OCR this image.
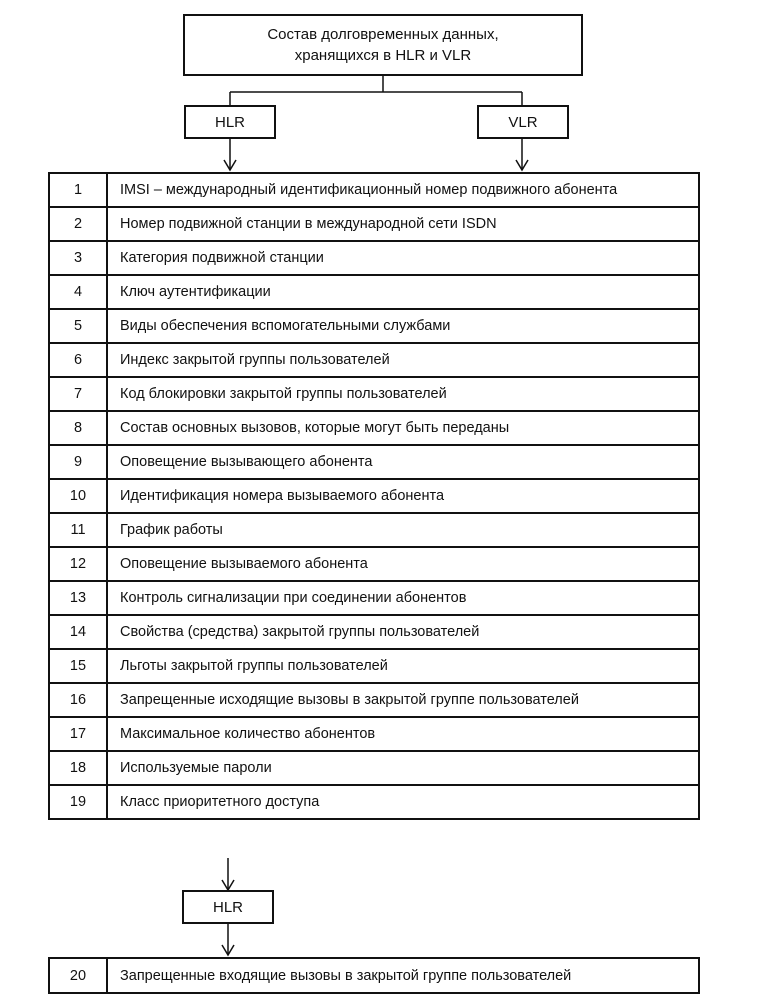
Состав долговременных данных,
хранящихся в HLR и VLR
HLR	VLR
1	IMSI – международный идентификационный номер подвижного абонента
2	Номер подвижной станции в международной сети ISDN
3	Категория подвижной станции
4	Ключ аутентификации
5	Виды обеспечения вспомогательными службами
6	Индекс закрытой группы пользователей
7	Код блокировки закрытой группы пользователей
8	Состав основных вызовов, которые могут быть переданы
9	Оповещение вызывающего абонента
10	Идентификация номера вызываемого абонента
11	График работы
12	Оповещение вызываемого абонента
13	Контроль сигнализации при соединении абонентов
14	Свойства (средства) закрытой группы пользователей
15	Льготы закрытой группы пользователей
16	Запрещенные исходящие вызовы в закрытой группе пользователей
17	Максимальное количество абонентов
18	Используемые пароли
19	Класс приоритетного доступа
HLR
20	Запрещенные входящие вызовы в закрытой группе пользователей
